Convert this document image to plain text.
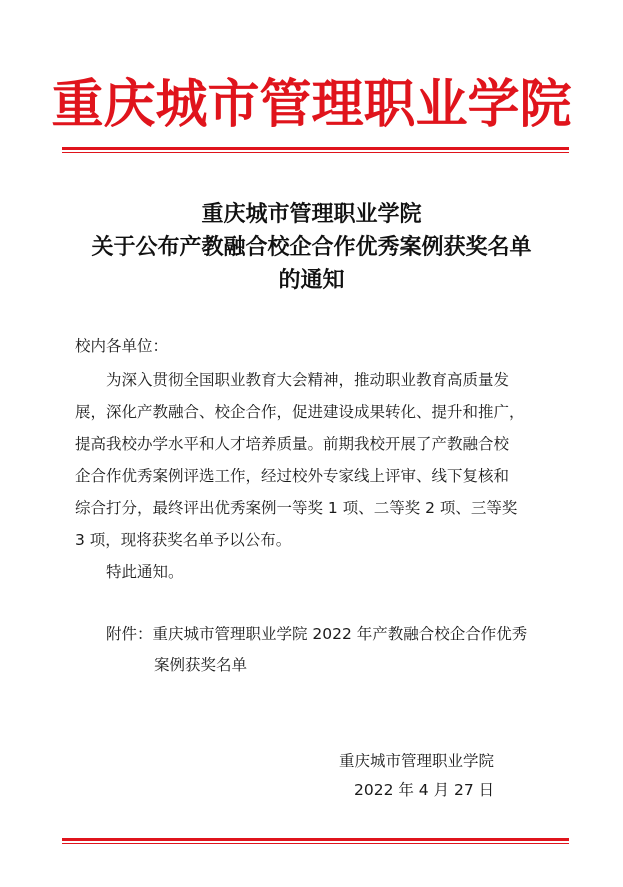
重庆城市管理职业学院
重庆城市管理职业学院
关于公布产教融合校企合作优秀案例获奖名单
的通知
校内各单位：
为深入贯彻全国职业教育大会精神，推动职业教育高质量发
展，深化产教融合、校企合作，促进建设成果转化、提升和推广，
提高我校办学水平和人才培养质量。前期我校开展了产教融合校
企合作优秀案例评选工作，经过校外专家线上评审、线下复核和
综合打分，最终评出优秀案例一等奖 1 项、二等奖 2 项、三等奖
3 项，现将获奖名单予以公布。
特此通知。
附件：重庆城市管理职业学院 2022 年产教融合校企合作优秀
案例获奖名单
重庆城市管理职业学院
2022 年 4 月 27 日
